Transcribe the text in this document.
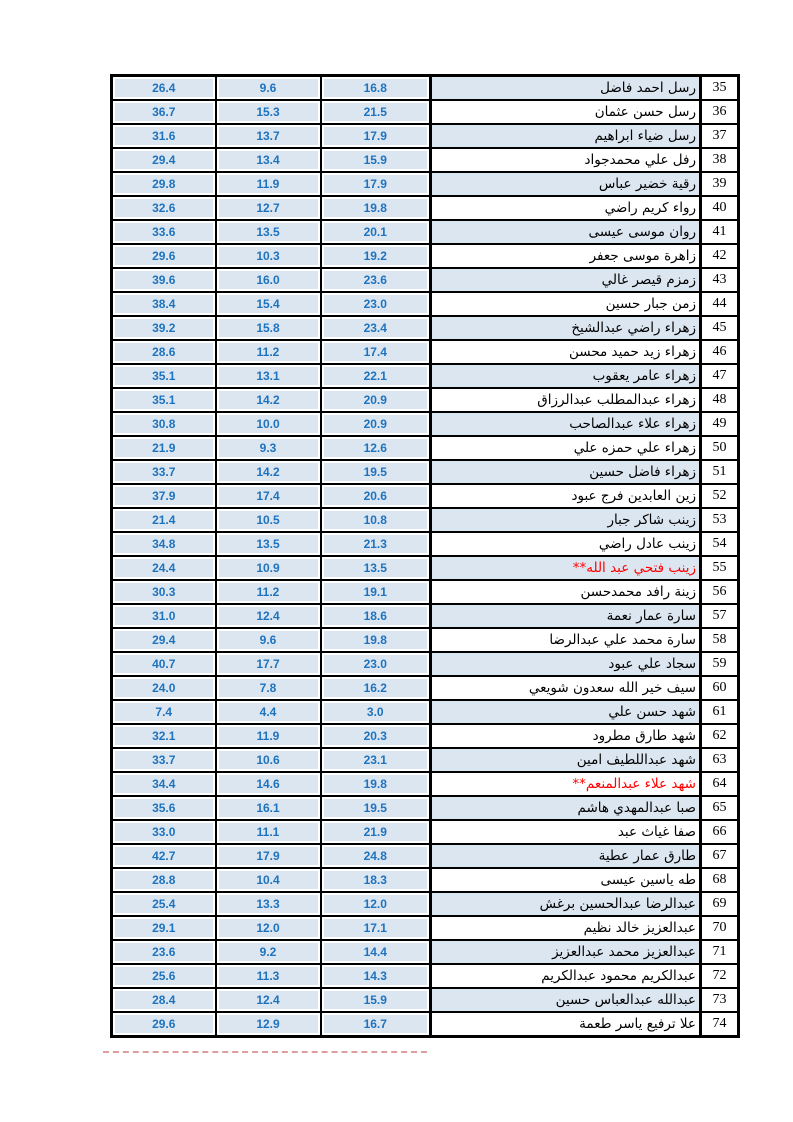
26.4	9.6	16.8	رسل احمد فاضل	35
36.7	15.3	21.5	رسل حسن عثمان	36
31.6	13.7	17.9	رسل ضياء ابراهيم	37
29.4	13.4	15.9	رفل علي محمدجواد	38
29.8	11.9	17.9	رقية خضير عباس	39
32.6	12.7	19.8	رواء كريم راضي	40
33.6	13.5	20.1	روان موسى عيسى	41
29.6	10.3	19.2	زاهرة موسى جعفر	42
39.6	16.0	23.6	زمزم قيصر غالي	43
38.4	15.4	23.0	زمن جبار حسين	44
39.2	15.8	23.4	زهراء راضي عبدالشيخ	45
28.6	11.2	17.4	زهراء زيد حميد محسن	46
35.1	13.1	22.1	زهراء عامر يعقوب	47
35.1	14.2	20.9	زهراء عبدالمطلب عبدالرزاق	48
30.8	10.0	20.9	زهراء علاء عبدالصاحب	49
21.9	9.3	12.6	زهراء علي حمزه علي	50
33.7	14.2	19.5	زهراء فاضل حسين	51
37.9	17.4	20.6	زين العابدين فرج عبود	52
21.4	10.5	10.8	زينب شاكر جبار	53
34.8	13.5	21.3	زينب عادل راضي	54
24.4	10.9	13.5	زينب فتحي عبد الله**	55
30.3	11.2	19.1	زينة رافد محمدحسن	56
31.0	12.4	18.6	سارة عمار نعمة	57
29.4	9.6	19.8	سارة محمد علي عبدالرضا	58
40.7	17.7	23.0	سجاد علي عبود	59
24.0	7.8	16.2	سيف خير الله سعدون شويعي	60
7.4	4.4	3.0	شهد حسن علي	61
32.1	11.9	20.3	شهد طارق مطرود	62
33.7	10.6	23.1	شهد عبداللطيف امين	63
34.4	14.6	19.8	شهد علاء عبدالمنعم**	64
35.6	16.1	19.5	صبا عبدالمهدي هاشم	65
33.0	11.1	21.9	صفا غياث عبد	66
42.7	17.9	24.8	طارق عمار عطية	67
28.8	10.4	18.3	طه ياسين عيسى	68
25.4	13.3	12.0	عبدالرضا عبدالحسين برغش	69
29.1	12.0	17.1	عبدالعزيز خالد نظيم	70
23.6	9.2	14.4	عبدالعزيز محمد عبدالعزيز	71
25.6	11.3	14.3	عبدالكريم محمود عبدالكريم	72
28.4	12.4	15.9	عبدالله عبدالعباس حسين	73
29.6	12.9	16.7	علا ترفيع ياسر طعمة	74
